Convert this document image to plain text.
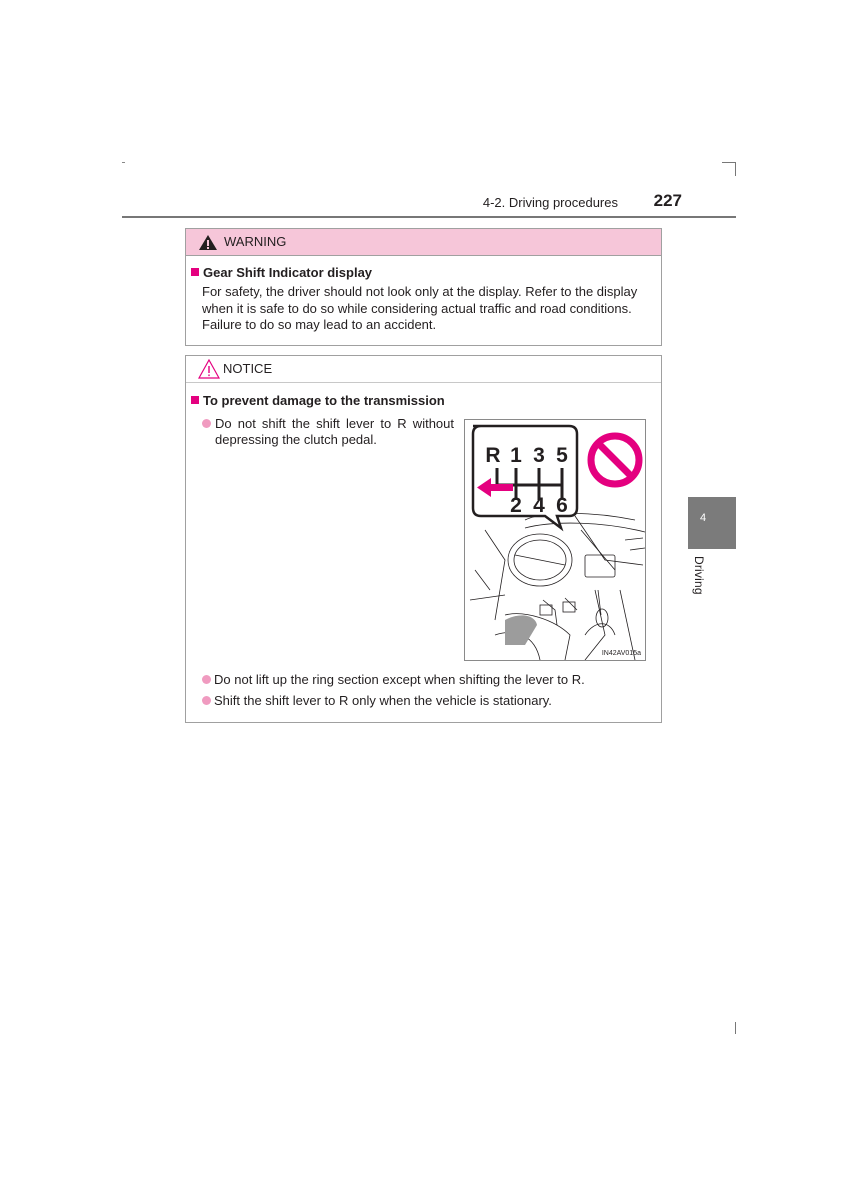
4-2. Driving procedures 227
4
Driving
WARNING
Gear Shift Indicator display
For safety, the driver should not look only at the display. Refer to the display when it is safe to do so while considering actual traffic and road conditions. Failure to do so may lead to an accident.
NOTICE
To prevent damage to the transmission
Do not shift the shift lever to R without depressing the clutch pedal.
R 1 3 5
2 4 6
IN42AV015a
Do not lift up the ring section except when shifting the lever to R.
Shift the shift lever to R only when the vehicle is stationary.
